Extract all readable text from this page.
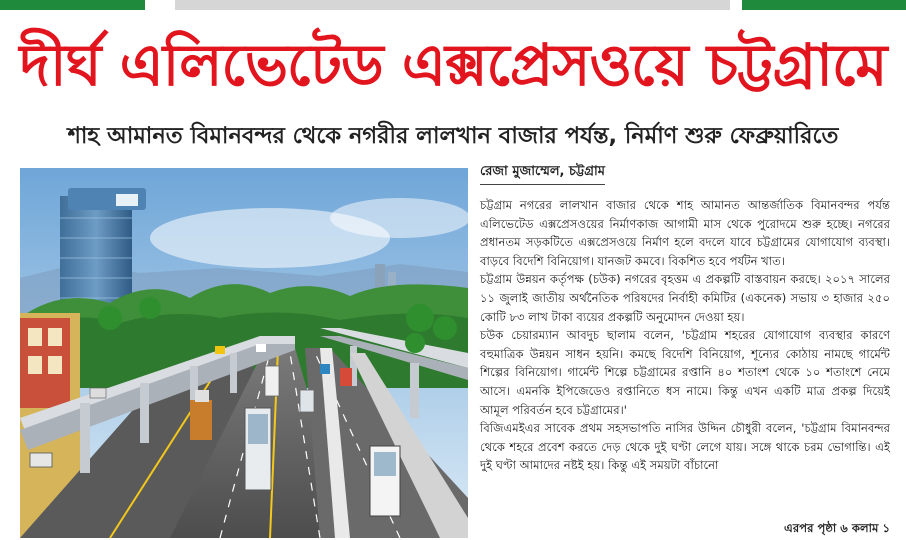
দীর্ঘ এলিভেটেড এক্সপ্রেসওয়ে চট্টগ্রামে
শাহ আমানত বিমানবন্দর থেকে নগরীর লালখান বাজার পর্যন্ত, নির্মাণ শুরু ফেব্রুয়ারিতে
রেজা মুজাম্মেল, চট্টগ্রাম

চট্টগ্রাম নগরের লালখান বাজার থেকে শাহ আমানত আন্তর্জাতিক বিমানবন্দর পর্যন্ত এলিভেটেড এক্সপ্রেসওয়ের নির্মাণকাজ আগামী মাস থেকে পুরোদমে শুরু হচ্ছে। নগরের প্রধানতম সড়কটিতে এক্সপ্রেসওয়ে নির্মাণ হলে বদলে যাবে চট্টগ্রামের যোগাযোগ ব্যবস্থা। বাড়বে বিদেশি বিনিয়োগ। যানজট কমবে। বিকশিত হবে পর্যটন খাত।

চট্টগ্রাম উন্নয়ন কর্তৃপক্ষ (চউক) নগরের বৃহত্তম এ প্রকল্পটি বাস্তবায়ন করছে। ২০১৭ সালের ১১ জুলাই জাতীয় অর্থনৈতিক পরিষদের নির্বাহী কমিটির (একনেক) সভায় ৩ হাজার ২৫০ কোটি ৮৩ লাখ টাকা ব্যয়ের প্রকল্পটি অনুমোদন দেওয়া হয়।

চউক চেয়ারম্যান আবদুচ ছালাম বলেন, 'চট্টগ্রাম শহরের যোগাযোগ ব্যবস্থার কারণে বহুমাত্রিক উন্নয়ন সাধন হয়নি। কমছে বিদেশি বিনিয়োগ, শূন্যের কোঠায় নামছে গার্মেন্ট শিল্পের বিনিয়োগ। গার্মেন্ট শিল্পে চট্টগ্রামের রপ্তানি ৪০ শতাংশ থেকে ১০ শতাংশে নেমে আসে। এমনকি ইপিজেডেও রপ্তানিতে ধস নামে। কিন্তু এখন একটি মাত্র প্রকল্প দিয়েই আমূল পরিবর্তন হবে চট্টগ্রামের।'

বিজিএমইএর সাবেক প্রথম সহসভাপতি নাসির উদ্দিন চৌধুরী বলেন, 'চট্টগ্রাম বিমানবন্দর থেকে শহরে প্রবেশ করতে দেড় থেকে দুই ঘণ্টা লেগে যায়। সঙ্গে থাকে চরম ভোগান্তি। এই দুই ঘণ্টা আমাদের নষ্টই হয়। কিন্তু এই সময়টা বাঁচানো

এরপর পৃষ্ঠা ৬ কলাম ১
